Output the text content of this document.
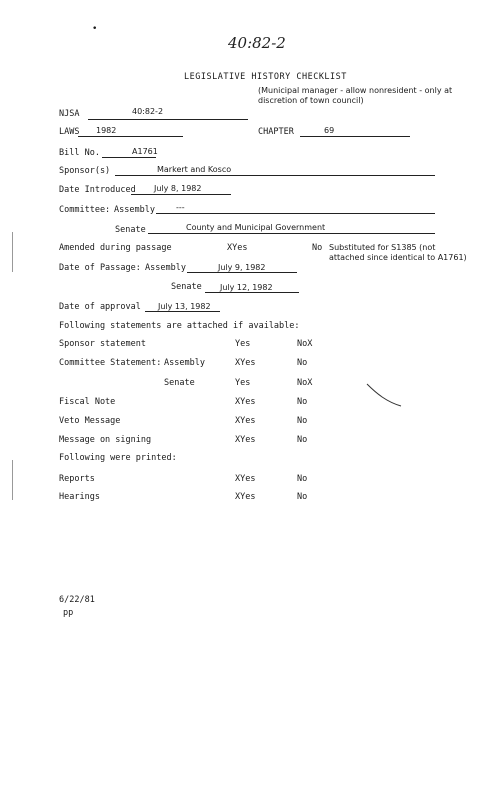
40:82-2
•
LEGISLATIVE HISTORY CHECKLIST
(Municipal manager - allow nonresident - only at discretion of town council)
NJSA	40:82-2
LAWS 1982	CHAPTER	69
Bill No.	A1761
Sponsor(s)	Markert and Kosco
Date Introduced July 8, 1982
Committee: Assembly	---
Senate	County and Municipal Government
Amended during passage	XYes	No Substituted for S1385 (not attached since identical to A1761)
Date of Passage: Assembly	July 9, 1982
Senate July 12, 1982
Date of approval July 13, 1982
Following statements are attached if available:
Sponsor statement	Yes	NoX
Committee Statement: Assembly	XYes	No
Senate	Yes	NoX
Fiscal Note	XYes	No
Veto Message	XYes	No
Message on signing	XYes	No
Following were printed:
Reports	XYes	No
Hearings	XYes	No
6/22/81
pp
